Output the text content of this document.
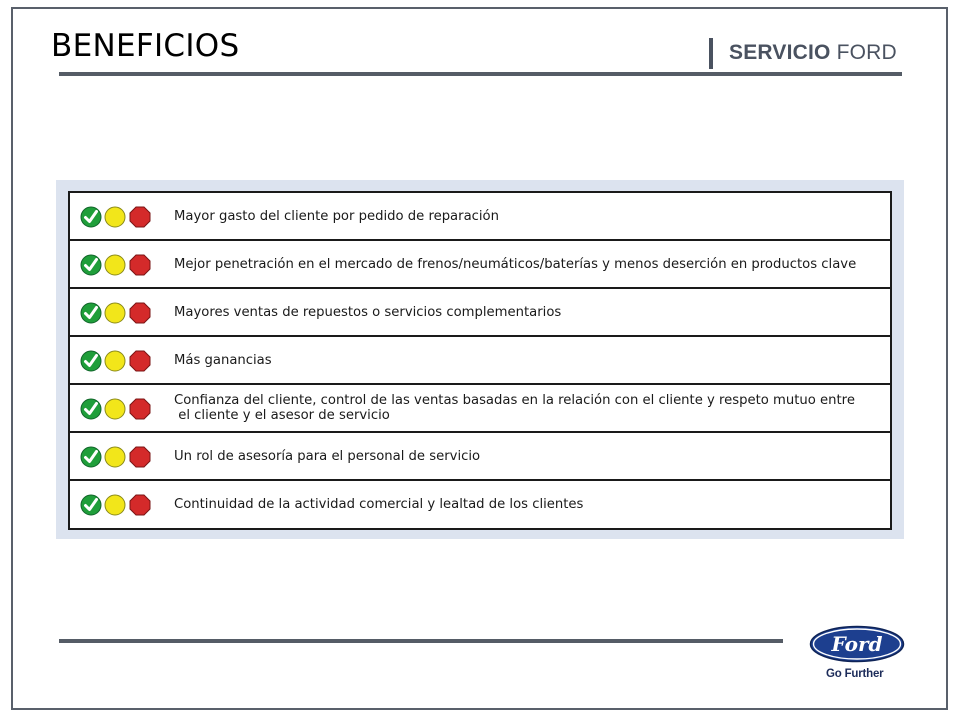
BENEFICIOS	SERVICIO FORD
Mayor gasto del cliente por pedido de reparación
Mejor penetración en el mercado de frenos/neumáticos/baterías y menos deserción en productos clave
Mayores ventas de repuestos o servicios complementarios
Más ganancias
Confianza del cliente, control de las ventas basadas en la relación con el cliente y respeto mutuo entre
el cliente y el asesor de servicio
Un rol de asesoría para el personal de servicio
Continuidad de la actividad comercial y lealtad de los clientes
Ford
Go Further
